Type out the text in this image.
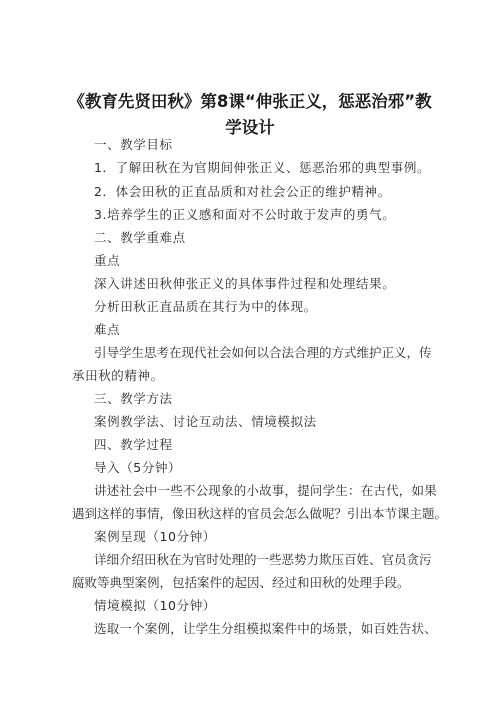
《教育先贤田秋》第8课“伸张正义，惩恶治邪”教
学设计
一、教学目标
1．了解田秋在为官期间伸张正义、惩恶治邪的典型事例。
2．体会田秋的正直品质和对社会公正的维护精神。
3.培养学生的正义感和面对不公时敢于发声的勇气。
二、教学重难点
重点
深入讲述田秋伸张正义的具体事件过程和处理结果。
分析田秋正直品质在其行为中的体现。
难点
引导学生思考在现代社会如何以合法合理的方式维护正义，传
承田秋的精神。
三、教学方法
案例教学法、讨论互动法、情境模拟法
四、教学过程
导入（5分钟）
讲述社会中一些不公现象的小故事，提问学生：在古代，如果
遇到这样的事情，像田秋这样的官员会怎么做呢？引出本节课主题。
案例呈现（10分钟）
详细介绍田秋在为官时处理的一些恶势力欺压百姓、官员贪污
腐败等典型案例，包括案件的起因、经过和田秋的处理手段。
情境模拟（10分钟）
选取一个案例，让学生分组模拟案件中的场景，如百姓告状、
